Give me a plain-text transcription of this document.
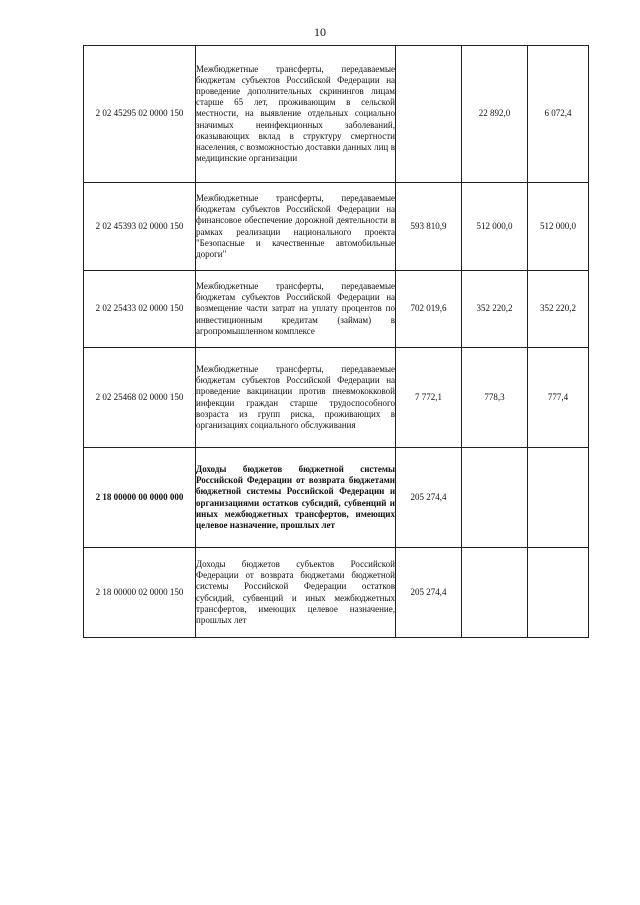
10
2 02 45295 02 0000 150	Межбюджетные трансферты, передаваемые бюджетам субъектов Российской Федерации на проведение дополнительных скринингов лицам старше 65 лет, проживающим в сельской местности, на выявление отдельных социально значимых неинфекционных заболеваний, оказывающих вклад в структуру смертности населения, с возможностью доставки данных лиц в медицинские организации		22 892,0	6 072,4
2 02 45393 02 0000 150	Межбюджетные трансферты, передаваемые бюджетам субъектов Российской Федерации на финансовое обеспечение дорожной деятельности в рамках реализации национального проекта "Безопасные и качественные автомобильные дороги"	593 810,9	512 000,0	512 000,0
2 02 25433 02 0000 150	Межбюджетные трансферты, передаваемые бюджетам субъектов Российской Федерации на возмещение части затрат на уплату процентов по инвестиционным кредитам (займам) в агропромышленном комплексе	702 019,6	352 220,2	352 220,2
2 02 25468 02 0000 150	Межбюджетные трансферты, передаваемые бюджетам субъектов Российской Федерации на проведение вакцинации против пневмококковой инфекции граждан старше трудоспособного возраста из групп риска, проживающих в организациях социального обслуживания	7 772,1	778,3	777,4
2 18 00000 00 0000 000	Доходы бюджетов бюджетной системы Российской Федерации от возврата бюджетами бюджетной системы Российской Федерации и организациями остатков субсидий, субвенций и иных межбюджетных трансфертов, имеющих целевое назначение, прошлых лет	205 274,4		
2 18 00000 02 0000 150	Доходы бюджетов субъектов Российской Федерации от возврата бюджетами бюджетной системы Российской Федерации остатков субсидий, субвенций и иных межбюджетных трансфертов, имеющих целевое назначение, прошлых лет	205 274,4		
